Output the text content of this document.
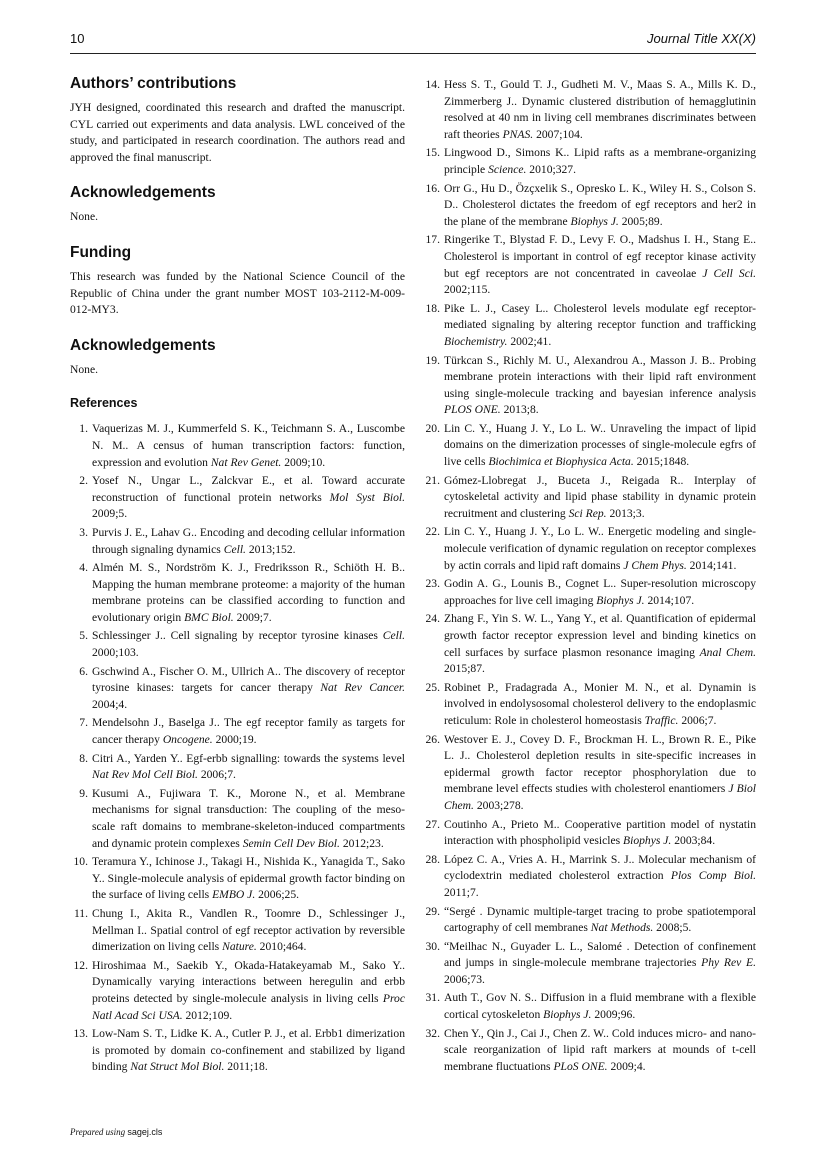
10	Journal Title XX(X)
Authors’ contributions

JYH designed, coordinated this research and drafted the manuscript. CYL carried out experiments and data analysis. LWL conceived of the study, and participated in research coordination. The authors read and approved the final manuscript.

Acknowledgements

None.

Funding

This research was funded by the National Science Council of the Republic of China under the grant number MOST 103-2112-M-009-012-MY3.

Acknowledgements

None.

References
1. Vaquerizas M. J., Kummerfeld S. K., Teichmann S. A., Luscombe N. M.. A census of human transcription factors: function, expression and evolution Nat Rev Genet. 2009;10.
2. Yosef N., Ungar L., Zalckvar E., et al. Toward accurate reconstruction of functional protein networks Mol Syst Biol. 2009;5.
3. Purvis J. E., Lahav G.. Encoding and decoding cellular information through signaling dynamics Cell. 2013;152.
4. Almén M. S., Nordström K. J., Fredriksson R., Schiöth H. B.. Mapping the human membrane proteome: a majority of the human membrane proteins can be classified according to function and evolutionary origin BMC Biol. 2009;7.
5. Schlessinger J.. Cell signaling by receptor tyrosine kinases Cell. 2000;103.
6. Gschwind A., Fischer O. M., Ullrich A.. The discovery of receptor tyrosine kinases: targets for cancer therapy Nat Rev Cancer. 2004;4.
7. Mendelsohn J., Baselga J.. The egf receptor family as targets for cancer therapy Oncogene. 2000;19.
8. Citri A., Yarden Y.. Egf-erbb signalling: towards the systems level Nat Rev Mol Cell Biol. 2006;7.
9. Kusumi A., Fujiwara T. K., Morone N., et al. Membrane mechanisms for signal transduction: The coupling of the meso-scale raft domains to membrane-skeleton-induced compartments and dynamic protein complexes Semin Cell Dev Biol. 2012;23.
10. Teramura Y., Ichinose J., Takagi H., Nishida K., Yanagida T., Sako Y.. Single-molecule analysis of epidermal growth factor binding on the surface of living cells EMBO J. 2006;25.
11. Chung I., Akita R., Vandlen R., Toomre D., Schlessinger J., Mellman I.. Spatial control of egf receptor activation by reversible dimerization on living cells Nature. 2010;464.
12. Hiroshimaa M., Saekib Y., Okada-Hatakeyamab M., Sako Y.. Dynamically varying interactions between heregulin and erbb proteins detected by single-molecule analysis in living cells Proc Natl Acad Sci USA. 2012;109.
13. Low-Nam S. T., Lidke K. A., Cutler P. J., et al. Erbb1 dimerization is promoted by domain co-confinement and stabilized by ligand binding Nat Struct Mol Biol. 2011;18.
14. Hess S. T., Gould T. J., Gudheti M. V., Maas S. A., Mills K. D., Zimmerberg J.. Dynamic clustered distribution of hemagglutinin resolved at 40 nm in living cell membranes discriminates between raft theories PNAS. 2007;104.
15. Lingwood D., Simons K.. Lipid rafts as a membrane-organizing principle Science. 2010;327.
16. Orr G., Hu D., Özçxelik S., Opresko L. K., Wiley H. S., Colson S. D.. Cholesterol dictates the freedom of egf receptors and her2 in the plane of the membrane Biophys J. 2005;89.
17. Ringerike T., Blystad F. D., Levy F. O., Madshus I. H., Stang E.. Cholesterol is important in control of egf receptor kinase activity but egf receptors are not concentrated in caveolae J Cell Sci. 2002;115.
18. Pike L. J., Casey L.. Cholesterol levels modulate egf receptor-mediated signaling by altering receptor function and trafficking Biochemistry. 2002;41.
19. Türkcan S., Richly M. U., Alexandrou A., Masson J. B.. Probing membrane protein interactions with their lipid raft environment using single-molecule tracking and bayesian inference analysis PLOS ONE. 2013;8.
20. Lin C. Y., Huang J. Y., Lo L. W.. Unraveling the impact of lipid domains on the dimerization processes of single-molecule egfrs of live cells Biochimica et Biophysica Acta. 2015;1848.
21. Gómez-Llobregat J., Buceta J., Reigada R.. Interplay of cytoskeletal activity and lipid phase stability in dynamic protein recruitment and clustering Sci Rep. 2013;3.
22. Lin C. Y., Huang J. Y., Lo L. W.. Energetic modeling and single-molecule verification of dynamic regulation on receptor complexes by actin corrals and lipid raft domains J Chem Phys. 2014;141.
23. Godin A. G., Lounis B., Cognet L.. Super-resolution microscopy approaches for live cell imaging Biophys J. 2014;107.
24. Zhang F., Yin S. W. L., Yang Y., et al. Quantification of epidermal growth factor receptor expression level and binding kinetics on cell surfaces by surface plasmon resonance imaging Anal Chem. 2015;87.
25. Robinet P., Fradagrada A., Monier M. N., et al. Dynamin is involved in endolysosomal cholesterol delivery to the endoplasmic reticulum: Role in cholesterol homeostasis Traffic. 2006;7.
26. Westover E. J., Covey D. F., Brockman H. L., Brown R. E., Pike L. J.. Cholesterol depletion results in site-specific increases in epidermal growth factor receptor phosphorylation due to membrane level effects studies with cholesterol enantiomers J Biol Chem. 2003;278.
27. Coutinho A., Prieto M.. Cooperative partition model of nystatin interaction with phospholipid vesicles Biophys J. 2003;84.
28. López C. A., Vries A. H., Marrink S. J.. Molecular mechanism of cyclodextrin mediated cholesterol extraction Plos Comp Biol. 2011;7.
29. “Sergé . Dynamic multiple-target tracing to probe spatiotemporal cartography of cell membranes Nat Methods. 2008;5.
30. “Meilhac N., Guyader L. L., Salomé . Detection of confinement and jumps in single-molecule membrane trajectories Phy Rev E. 2006;73.
31. Auth T., Gov N. S.. Diffusion in a fluid membrane with a flexible cortical cytoskeleton Biophys J. 2009;96.
32. Chen Y., Qin J., Cai J., Chen Z. W.. Cold induces micro- and nano-scale reorganization of lipid raft markers at mounds of t-cell membrane fluctuations PLoS ONE. 2009;4.
Prepared using sagej.cls
